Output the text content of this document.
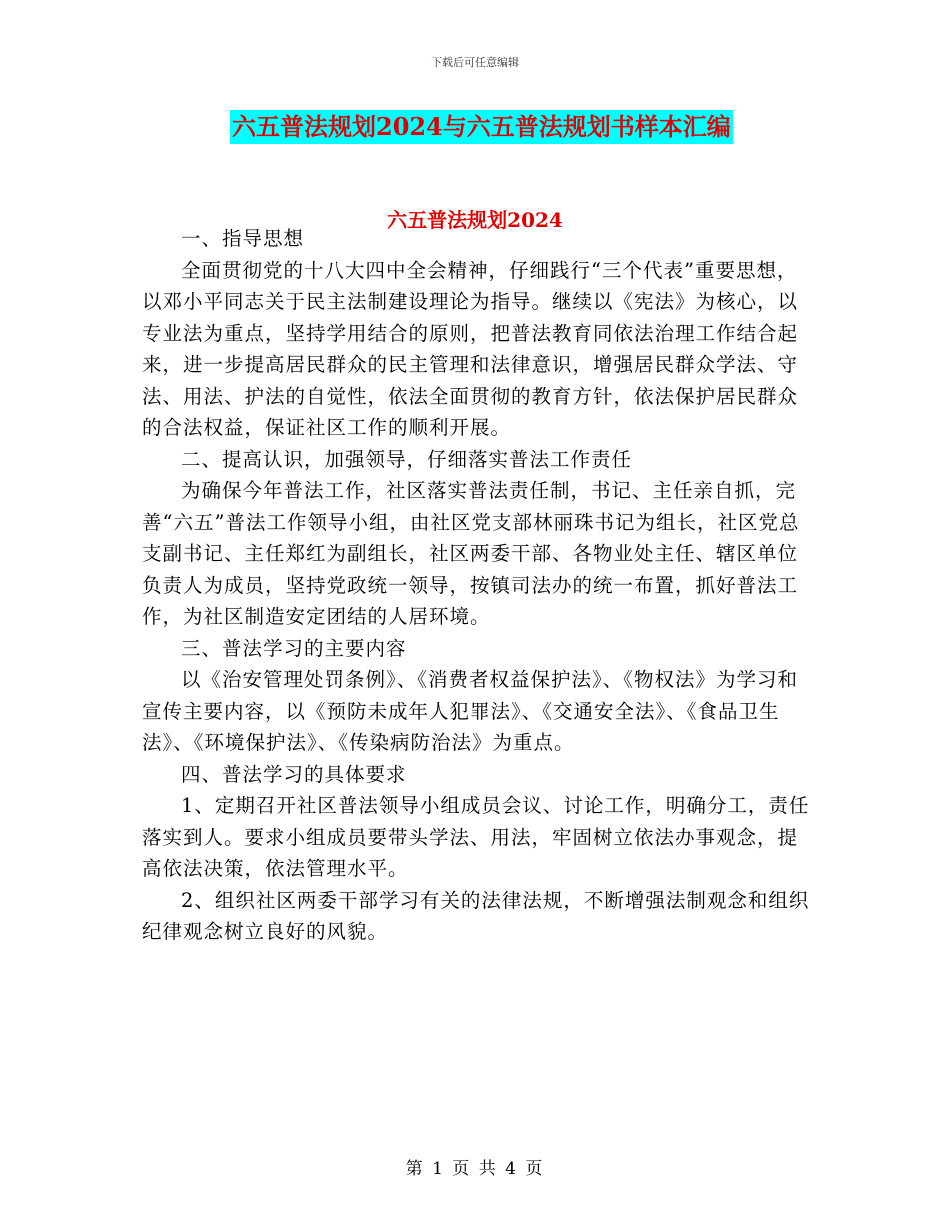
下载后可任意编辑
六五普法规划2024与六五普法规划书样本汇编
六五普法规划2024

一、指导思想

全面贯彻党的十八大四中全会精神，仔细践行“三个代表”重要思想，以邓小平同志关于民主法制建设理论为指导。继续以《宪法》为核心，以专业法为重点，坚持学用结合的原则，把普法教育同依法治理工作结合起来，进一步提高居民群众的民主管理和法律意识，增强居民群众学法、守法、用法、护法的自觉性，依法全面贯彻的教育方针，依法保护居民群众的合法权益，保证社区工作的顺利开展。

二、提高认识，加强领导，仔细落实普法工作责任

为确保今年普法工作，社区落实普法责任制，书记、主任亲自抓，完善“六五”普法工作领导小组，由社区党支部林丽珠书记为组长，社区党总支副书记、主任郑红为副组长，社区两委干部、各物业处主任、辖区单位负责人为成员，坚持党政统一领导，按镇司法办的统一布置，抓好普法工作，为社区制造安定团结的人居环境。

三、普法学习的主要内容

以《治安管理处罚条例》、《消费者权益保护法》、《物权法》为学习和宣传主要内容，以《预防未成年人犯罪法》、《交通安全法》、《食品卫生法》、《环境保护法》、《传染病防治法》为重点。

四、普法学习的具体要求

1、定期召开社区普法领导小组成员会议、讨论工作，明确分工，责任落实到人。要求小组成员要带头学法、用法，牢固树立依法办事观念，提高依法决策，依法管理水平。

2、组织社区两委干部学习有关的法律法规，不断增强法制观念和组织纪律观念树立良好的风貌。

第 1 页 共 4 页
